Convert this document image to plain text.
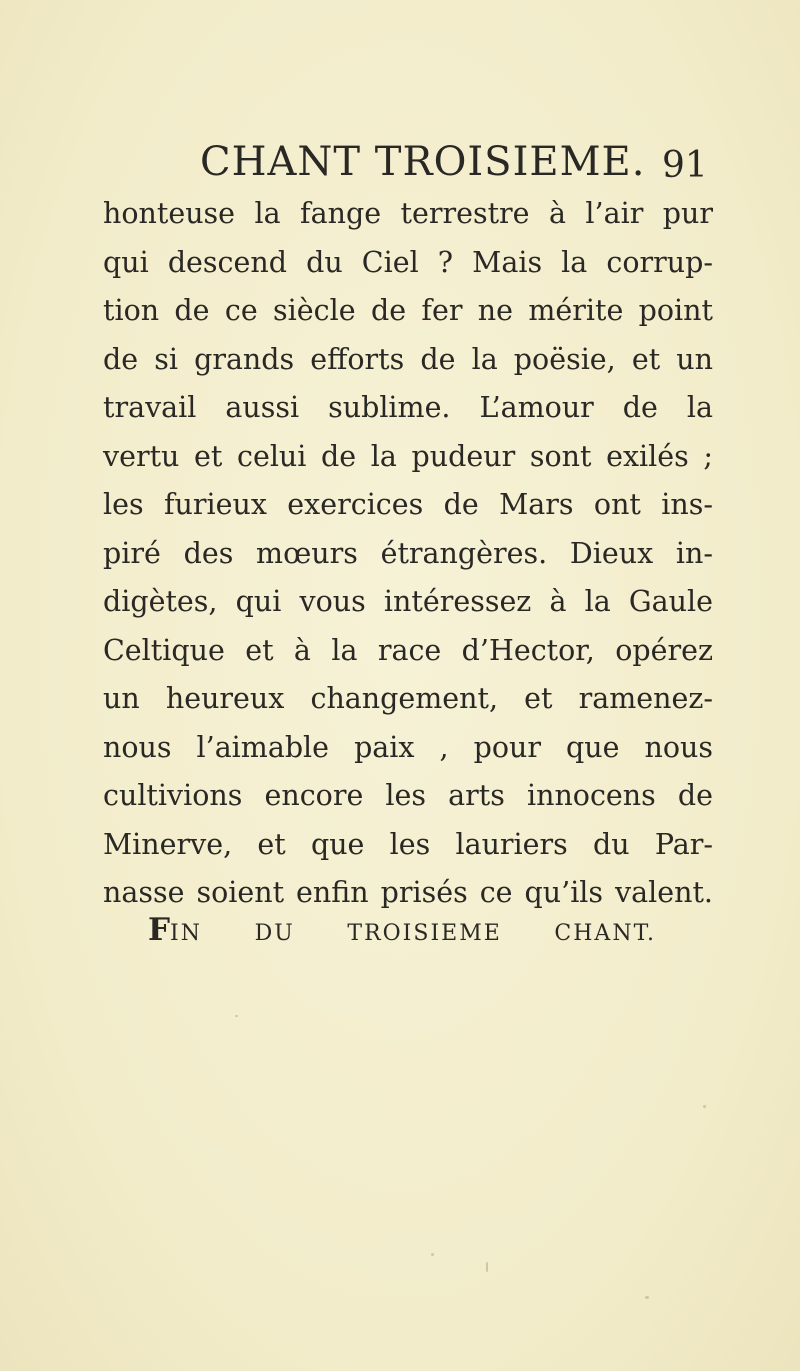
CHANT TROISIEME. 91
honteuse la fange terrestre à l’air pur
qui descend du Ciel ? Mais la corrup-
tion de ce siècle de fer ne mérite point
de si grands efforts de la poësie, et un
travail aussi sublime. L’amour de la
vertu et celui de la pudeur sont exilés ;
les furieux exercices de Mars ont ins-
piré des mœurs étrangères. Dieux in-
digètes, qui vous intéressez à la Gaule
Celtique et à la race d’Hector, opérez
un heureux changement, et ramenez-
nous l’aimable paix , pour que nous
cultivions encore les arts innocens de
Minerve, et que les lauriers du Par-
nasse soient enfin prisés ce qu’ils valent.
FIN DU TROISIEME CHANT.
